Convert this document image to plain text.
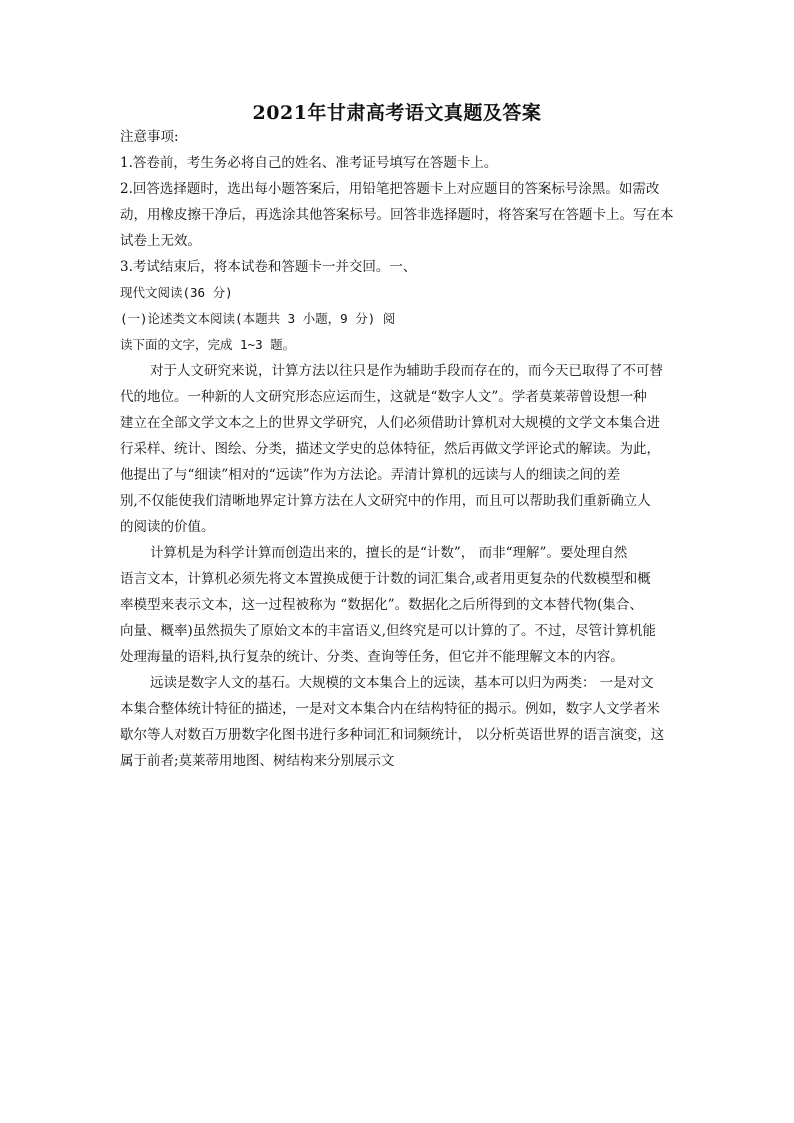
2021年甘肃高考语文真题及答案
注意事项:
1.答卷前，考生务必将自己的姓名、准考证号填写在答题卡上。
2.回答选择题时，选出每小题答案后，用铅笔把答题卡上对应题目的答案标号涂黑。如需改
动，用橡皮擦干净后，再选涂其他答案标号。回答非选择题时，将答案写在答题卡上。写在本
试卷上无效。
3.考试结束后，将本试卷和答题卡一并交回。一、
现代文阅读(36 分)
(一)论述类文本阅读(本题共 3 小题，9 分) 阅
读下面的文字，完成 1~3 题。
对于人文研究来说，计算方法以往只是作为辅助手段而存在的，而今天已取得了不可替
代的地位。一种新的人文研究形态应运而生，这就是“数字人文”。学者莫莱蒂曾设想一种
建立在全部文学文本之上的世界文学研究，人们必须借助计算机对大规模的文学文本集合进
行采样、统计、图绘、分类，描述文学史的总体特征，然后再做文学评论式的解读。为此，
他提出了与“细读”相对的“远读”作为方法论。弄清计算机的远读与人的细读之间的差
别,不仅能使我们清晰地界定计算方法在人文研究中的作用，而且可以帮助我们重新确立人
的阅读的价值。
计算机是为科学计算而创造出来的，擅长的是“计数”， 而非“理解”。要处理自然
语言文本，计算机必须先将文本置换成便于计数的词汇集合,或者用更复杂的代数模型和概
率模型来表示文本，这一过程被称为 “数据化”。数据化之后所得到的文本替代物(集合、
向量、概率)虽然损失了原始文本的丰富语义,但终究是可以计算的了。不过，尽管计算机能
处理海量的语料,执行复杂的统计、分类、查询等任务，但它并不能理解文本的内容。
远读是数字人文的基石。大规模的文本集合上的远读，基本可以归为两类： 一是对文
本集合整体统计特征的描述，一是对文本集合内在结构特征的揭示。例如，数字人文学者米
歇尔等人对数百万册数字化图书进行多种词汇和词频统计， 以分析英语世界的语言演变，这
属于前者;莫莱蒂用地图、树结构来分别展示文
